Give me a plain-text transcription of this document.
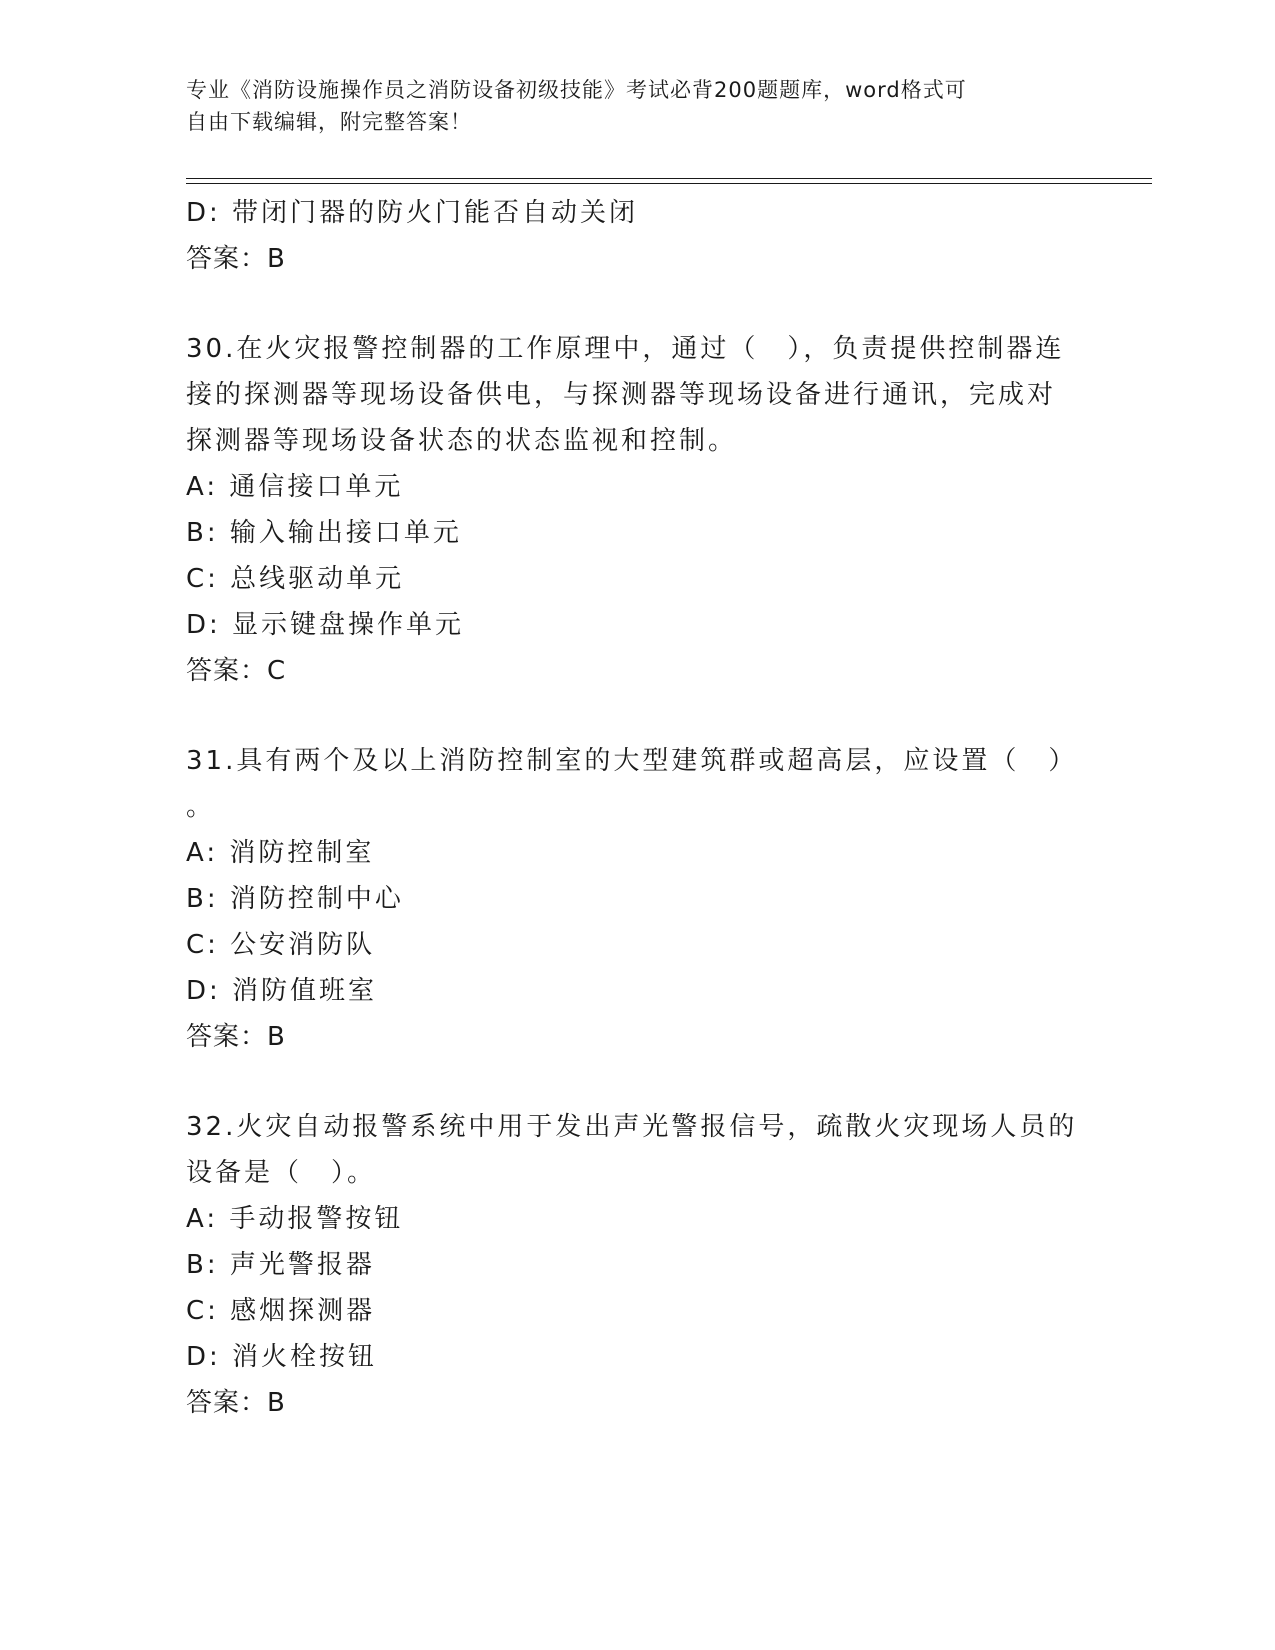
专业《消防设施操作员之消防设备初级技能》考试必背200题题库，word格式可
自由下载编辑，附完整答案！
D: 带闭门器的防火门能否自动关闭
答案：B
30.在火灾报警控制器的工作原理中，通过（　），负责提供控制器连
接的探测器等现场设备供电，与探测器等现场设备进行通讯，完成对
探测器等现场设备状态的状态监视和控制。
A: 通信接口单元
B: 输入输出接口单元
C: 总线驱动单元
D: 显示键盘操作单元
答案：C
31.具有两个及以上消防控制室的大型建筑群或超高层，应设置（　）
。
A: 消防控制室
B: 消防控制中心
C: 公安消防队
D: 消防值班室
答案：B
32.火灾自动报警系统中用于发出声光警报信号，疏散火灾现场人员的
设备是（　）。
A: 手动报警按钮
B: 声光警报器
C: 感烟探测器
D: 消火栓按钮
答案：B
